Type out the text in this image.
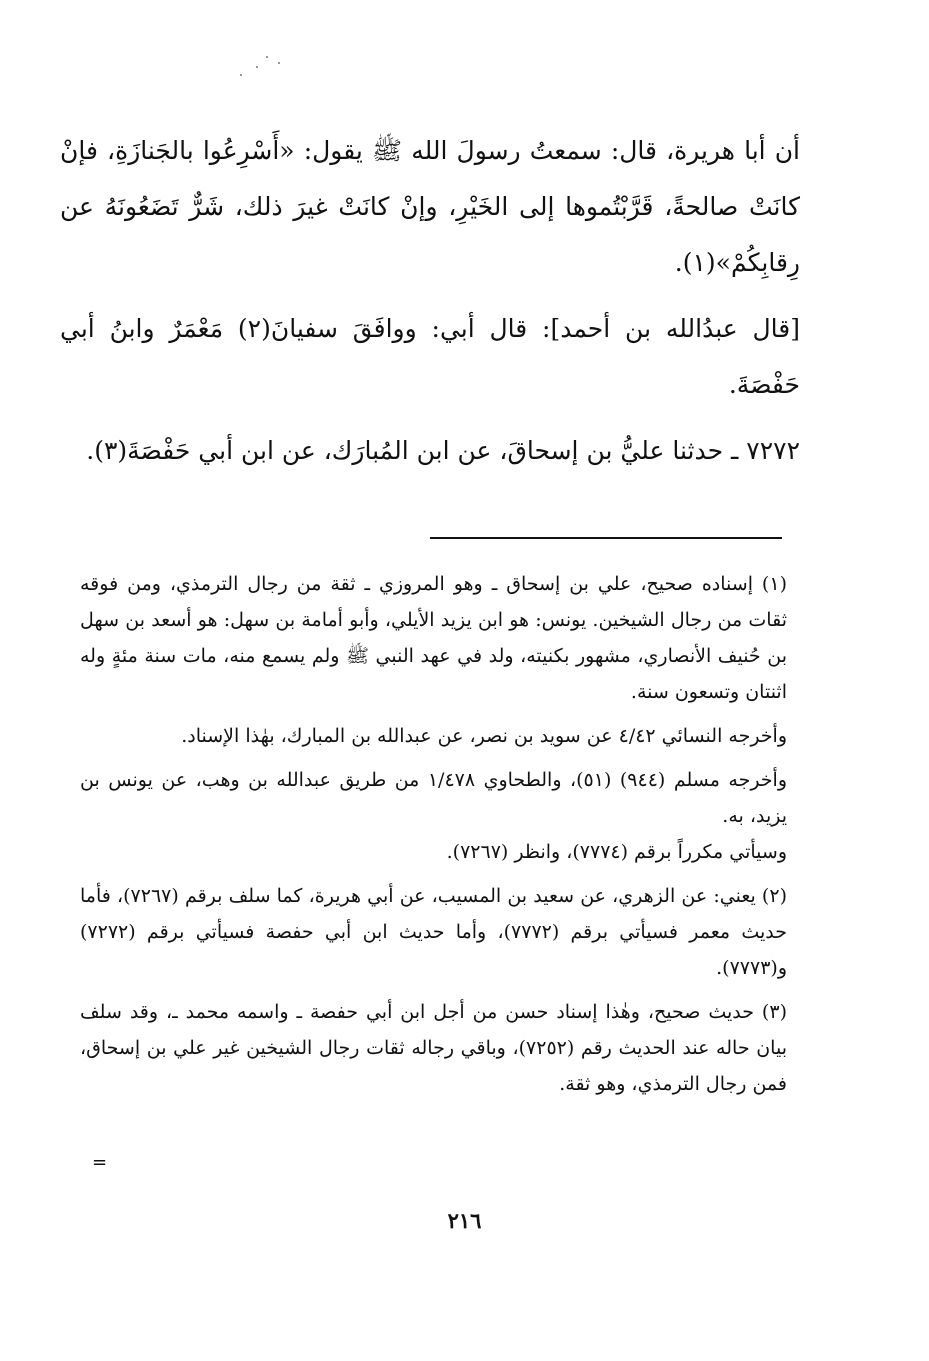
أن أبا هريرة، قال: سمعتُ رسولَ الله ﷺ يقول: «أَسْرِعُوا بالجَنازَةِ، فإنْ كانَتْ صالحةً، قَرَّبْتُموها إلى الخَيْرِ، وإنْ كانَتْ غيرَ ذلك، شَرٌّ تَضَعُونَهُ عن رِقابِكُمْ»(١).

[قال عبدُالله بن أحمد]: قال أبي: ووافَقَ سفيانَ(٢) مَعْمَرٌ وابنُ أبي حَفْصَةَ.

٧٢٧٢ ـ حدثنا عليُّ بن إسحاقَ، عن ابن المُبارَك، عن ابن أبي حَفْصَةَ(٣).

(١) إسناده صحيح، علي بن إسحاق ـ وهو المروزي ـ ثقة من رجال الترمذي، ومن فوقه ثقات من رجال الشيخين. يونس: هو ابن يزيد الأيلي، وأبو أمامة بن سهل: هو أسعد بن سهل بن حُنيف الأنصاري، مشهور بكنيته، ولد في عهد النبي ﷺ ولم يسمع منه، مات سنة مئةٍ وله اثنتان وتسعون سنة.

وأخرجه النسائي ٤/٤٢ عن سويد بن نصر، عن عبدالله بن المبارك، بهٰذا الإسناد.

وأخرجه مسلم (٩٤٤) (٥١)، والطحاوي ١/٤٧٨ من طريق عبدالله بن وهب، عن يونس بن يزيد، به.

وسيأتي مكرراً برقم (٧٧٧٤)، وانظر (٧٢٦٧).

(٢) يعني: عن الزهري، عن سعيد بن المسيب، عن أبي هريرة، كما سلف برقم (٧٢٦٧)، فأما حديث معمر فسيأتي برقم (٧٧٧٢)، وأما حديث ابن أبي حفصة فسيأتي برقم (٧٢٧٢) و(٧٧٧٣).

(٣) حديث صحيح، وهٰذا إسناد حسن من أجل ابن أبي حفصة ـ واسمه محمد ـ، وقد سلف بيان حاله عند الحديث رقم (٧٢٥٢)، وباقي رجاله ثقات رجال الشيخين غير علي بن إسحاق، فمن رجال الترمذي، وهو ثقة.

=
٢١٦
